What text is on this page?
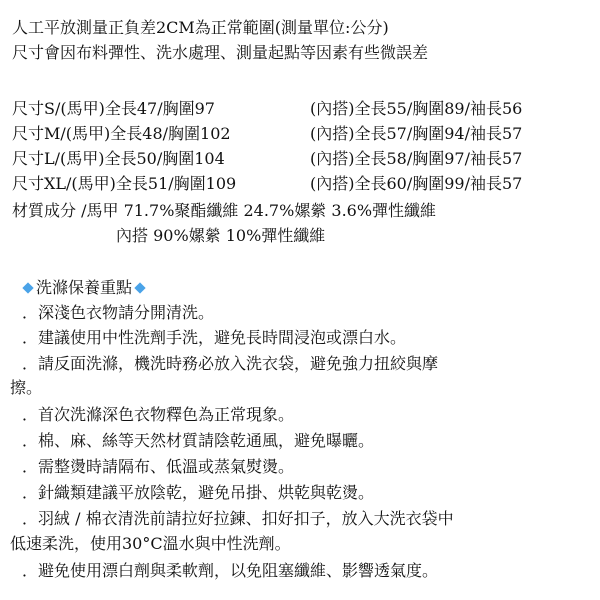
人工平放測量正負差2CM為正常範圍(測量單位:公分)
尺寸會因布料彈性、洗水處理、測量起點等因素有些微誤差
尺寸S/(馬甲)全長47/胸圍97	(內搭)全長55/胸圍89/袖長56
尺寸M/(馬甲)全長48/胸圍102	(內搭)全長57/胸圍94/袖長57
尺寸L/(馬甲)全長50/胸圍104	(內搭)全長58/胸圍97/袖長57
尺寸XL/(馬甲)全長51/胸圍109	(內搭)全長60/胸圍99/袖長57
材質成分 /馬甲 71.7%聚酯纖維 24.7%嫘縈 3.6%彈性纖維
內搭 90%嫘縈 10%彈性纖維
洗滌保養重點
．深淺色衣物請分開清洗。
．建議使用中性洗劑手洗，避免長時間浸泡或漂白水。
．請反面洗滌，機洗時務必放入洗衣袋，避免強力扭絞與摩
擦。
．首次洗滌深色衣物釋色為正常現象。
．棉、麻、絲等天然材質請陰乾通風，避免曝曬。
．需整燙時請隔布、低溫或蒸氣熨燙。
．針織類建議平放陰乾，避免吊掛、烘乾與乾燙。
．羽絨 / 棉衣清洗前請拉好拉鍊、扣好扣子，放入大洗衣袋中
低速柔洗，使用30°C溫水與中性洗劑。
．避免使用漂白劑與柔軟劑，以免阻塞纖維、影響透氣度。
